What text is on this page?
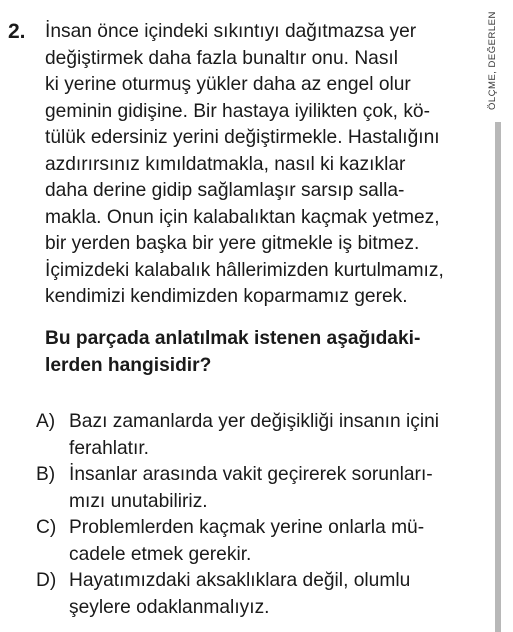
2. İnsan önce içindeki sıkıntıyı dağıtmazsa yer
değiştirmek daha fazla bunaltır onu. Nasıl
ki yerine oturmuş yükler daha az engel olur
geminin gidişine. Bir hastaya iyilikten çok, kö-
tülük edersiniz yerini değiştirmekle. Hastalığını
azdırırsınız kımıldatmakla, nasıl ki kazıklar
daha derine gidip sağlamlaşır sarsıp salla-
makla. Onun için kalabalıktan kaçmak yetmez,
bir yerden başka bir yere gitmekle iş bitmez.
İçimizdeki kalabalık hâllerimizden kurtulmamız,
kendimizi kendimizden koparmamız gerek.
Bu parçada anlatılmak istenen aşağıdaki-
lerden hangisidir?
A) Bazı zamanlarda yer değişikliği insanın içini
ferahlatır.
B) İnsanlar arasında vakit geçirerek sorunları-
mızı unutabiliriz.
C) Problemlerden kaçmak yerine onlarla mü-
cadele etmek gerekir.
D) Hayatımızdaki aksaklıklara değil, olumlu
şeylere odaklanmalıyız.
ÖLÇME, DEĞERLEN
